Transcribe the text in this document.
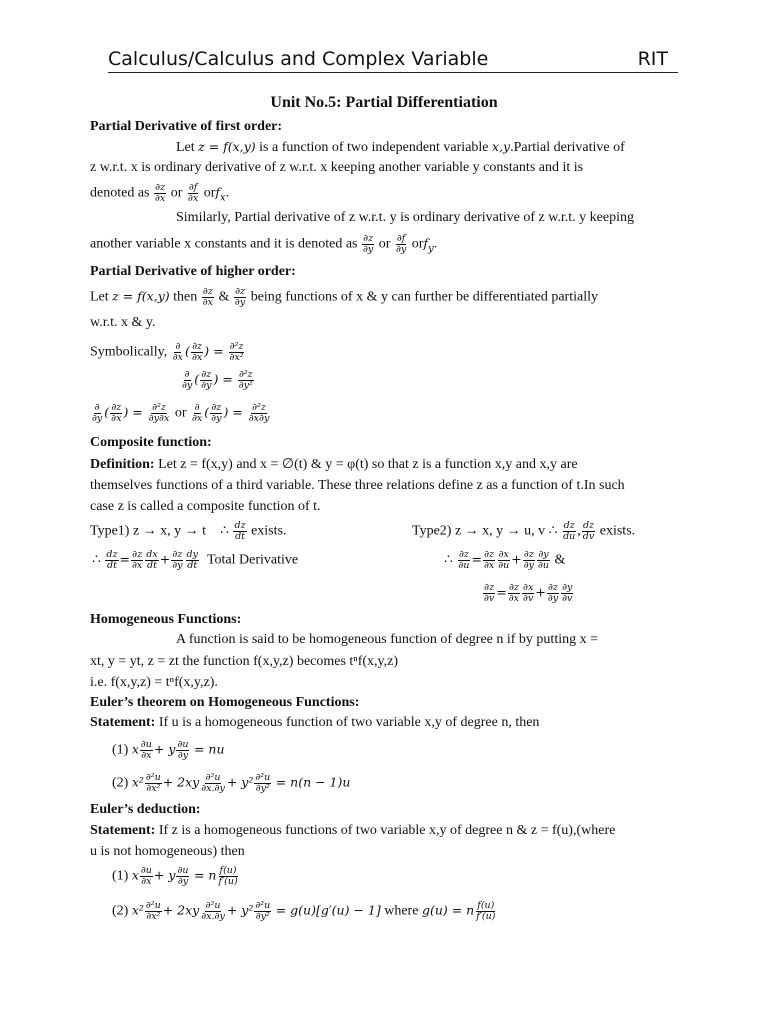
Calculus/Calculus and Complex Variable	RIT
Unit No.5: Partial Differentiation
Partial Derivative of first order:
Let z = f(x,y) is a function of two independent variable x,y.Partial derivative of
z w.r.t. x is ordinary derivative of z w.r.t. x keeping another variable y constants and it is
denoted as $\frac{\partial z}{\partial x}$ or $\frac{\partial f}{\partial x} orf_x$.
Similarly, Partial derivative of z w.r.t. y is ordinary derivative of z w.r.t. y keeping
another variable x constants and it is denoted as $\frac{\partial z}{\partial y}$ or $\frac{\partial f}{\partial y} orf_y$.
Partial Derivative of higher order:
Let z = f(x,y) then $\frac{\partial z}{\partial x}$ & $\frac{\partial z}{\partial y}$ being functions of x & y can further be differentiated partially
w.r.t. x & y.
Symbolically, ∂
∂x ( $\frac{\partial z}{\partial x}$ ) = $\frac{\text{∂²z}}{\text{∂x²}}$
∂
∂y ( $\frac{\partial z}{\partial y}$ ) = $\frac{\text{∂²z}}{\text{∂y²}}$
∂
∂y ( $\frac{\partial z}{\partial x}$ ) = $\frac{\text{∂²z}}{\partial y\partial x}$ or ∂
∂x ( $\frac{\partial z}{\partial y}$ ) = $\frac{\text{∂²z}}{\partial x\partial y}$
Composite function:
Definition: Let z = f(x,y) and x = ∅(t) & y = φ(t) so that z is a function x,y and x,y are
themselves functions of a third variable. These three relations define z as a function of t.In such
case z is called a composite function of t.
Type1) z → x, y → t ∴ $\frac{dz}{dt}$ exists.
∴ $\frac{dz}{dt} = \frac{\partial z}{\partial x} \frac{dx}{dt} + \frac{\partial z}{\partial y} \frac{dy}{dt}$ Total Derivative
Type2) z → x, y → u, v ∴ $\frac{dz}{du}$ , $\frac{dz}{dv}$ exists.
∴ $\frac{\partial z}{\partial u} = \frac{\partial z}{\partial x} \frac{\partial x}{\partial u} + \frac{\partial z}{\partial y} \frac{\partial y}{\partial u}$ &
$\frac{\partial z}{\partial v} = \frac{\partial z}{\partial x} \frac{\partial x}{\partial v} + \frac{\partial z}{\partial y} \frac{\partial y}{\partial v}$
Homogeneous Functions:
A function is said to be homogeneous function of degree n if by putting x =
xt, y = yt, z = zt the function f(x,y,z) becomes tⁿf(x,y,z)
i.e. f(x,y,z) = tⁿf(x,y,z).
Euler’s theorem on Homogeneous Functions:
Statement: If u is a homogeneous function of two variable x,y of degree n, then
(1) x $\frac{\partial u}{\partial x} + y \frac{\partial u}{\partial y}$ = nu
(2) $x^2 \frac{\text{∂²u}}{\text{∂x²}} + 2xy \frac{\text{∂²u}}{\partial x.\partial y} + y^2 \frac{\text{∂²u}}{\text{∂y²}} = n(n - 1)u$
Euler’s deduction:
Statement: If z is a homogeneous functions of two variable x,y of degree n & z = f(u),(where
u is not homogeneous) then
(1) x $\frac{\partial u}{\partial x} + y \frac{\partial u}{\partial y} = n \frac{f(u)}{f'(u)}$
(2) $x^2 \frac{\text{∂²u}}{\text{∂x²}} + 2xy \frac{\text{∂²u}}{\partial x.\partial y} + y^2 \frac{\text{∂²u}}{\text{∂y²}} = g(u)[g'(u) - 1]$ where g(u) = n $\frac{f(u)}{f'(u)}$
